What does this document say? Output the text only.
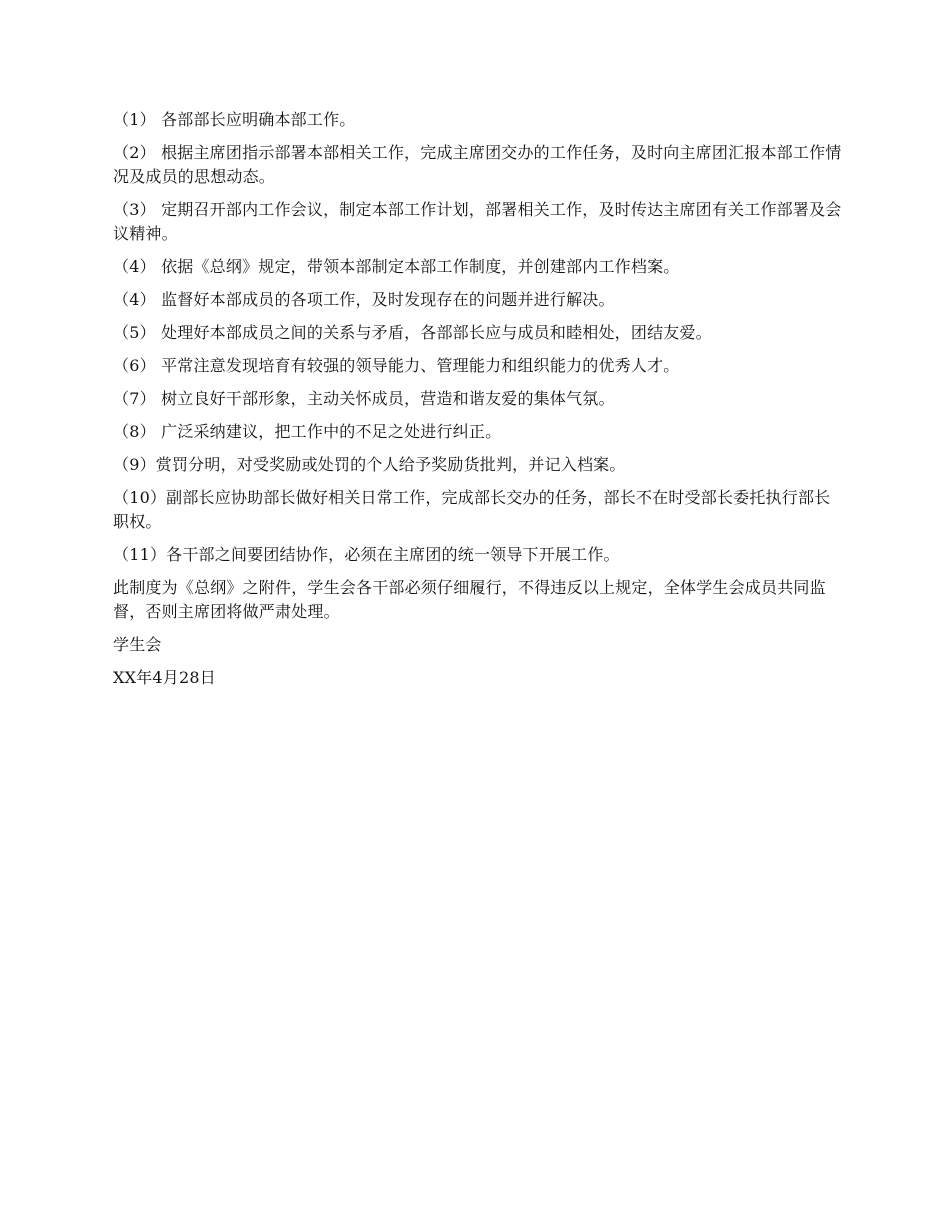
（1） 各部部长应明确本部工作。

（2） 根据主席团指示部署本部相关工作，完成主席团交办的工作任务，及时向主席团汇报本部工作情况及成员的思想动态。

（3） 定期召开部内工作会议，制定本部工作计划，部署相关工作，及时传达主席团有关工作部署及会议精神。

（4） 依据《总纲》规定，带领本部制定本部工作制度，并创建部内工作档案。

（4） 监督好本部成员的各项工作，及时发现存在的问题并进行解决。

（5） 处理好本部成员之间的关系与矛盾，各部部长应与成员和睦相处，团结友爱。

（6） 平常注意发现培育有较强的领导能力、管理能力和组织能力的优秀人才。

（7） 树立良好干部形象，主动关怀成员，营造和谐友爱的集体气氛。

（8） 广泛采纳建议，把工作中的不足之处进行纠正。

（9）赏罚分明，对受奖励或处罚的个人给予奖励货批判，并记入档案。

（10）副部长应协助部长做好相关日常工作，完成部长交办的任务，部长不在时受部长委托执行部长职权。

（11）各干部之间要团结协作，必须在主席团的统一领导下开展工作。

此制度为《总纲》之附件，学生会各干部必须仔细履行，不得违反以上规定，全体学生会成员共同监督，否则主席团将做严肃处理。

学生会

XX年4月28日
